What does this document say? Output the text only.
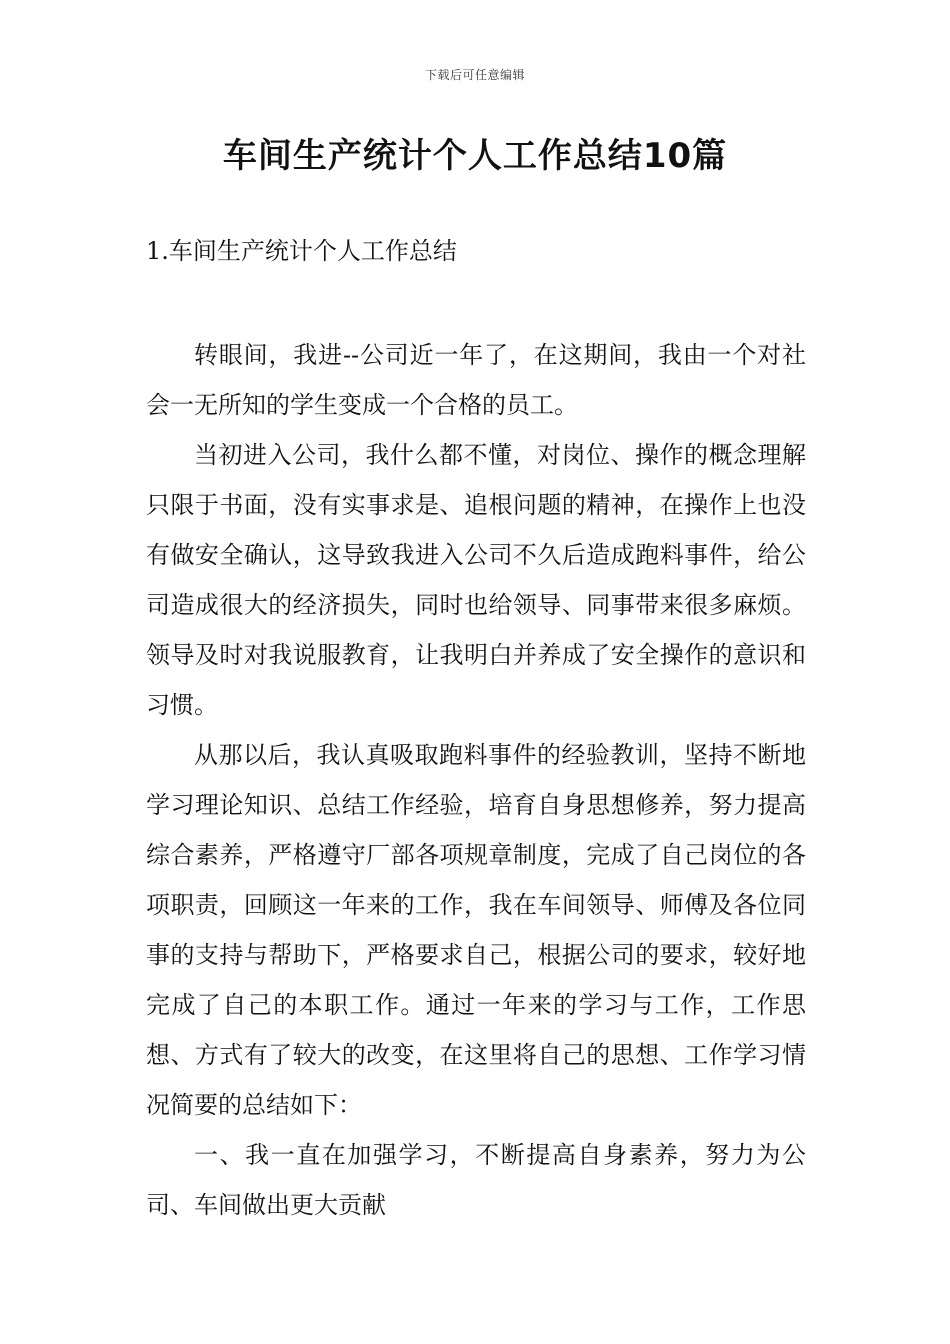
下载后可任意编辑
车间生产统计个人工作总结10篇
1.车间生产统计个人工作总结

转眼间，我进--公司近一年了，在这期间，我由一个对社会一无所知的学生变成一个合格的员工。

当初进入公司，我什么都不懂，对岗位、操作的概念理解只限于书面，没有实事求是、追根问题的精神，在操作上也没有做安全确认，这导致我进入公司不久后造成跑料事件，给公司造成很大的经济损失，同时也给领导、同事带来很多麻烦。领导及时对我说服教育，让我明白并养成了安全操作的意识和习惯。

从那以后，我认真吸取跑料事件的经验教训，坚持不断地学习理论知识、总结工作经验，培育自身思想修养，努力提高综合素养，严格遵守厂部各项规章制度，完成了自己岗位的各项职责，回顾这一年来的工作，我在车间领导、师傅及各位同事的支持与帮助下，严格要求自己，根据公司的要求，较好地完成了自己的本职工作。通过一年来的学习与工作，工作思想、方式有了较大的改变，在这里将自己的思想、工作学习情况简要的总结如下：

一、我一直在加强学习，不断提高自身素养，努力为公司、车间做出更大贡献
